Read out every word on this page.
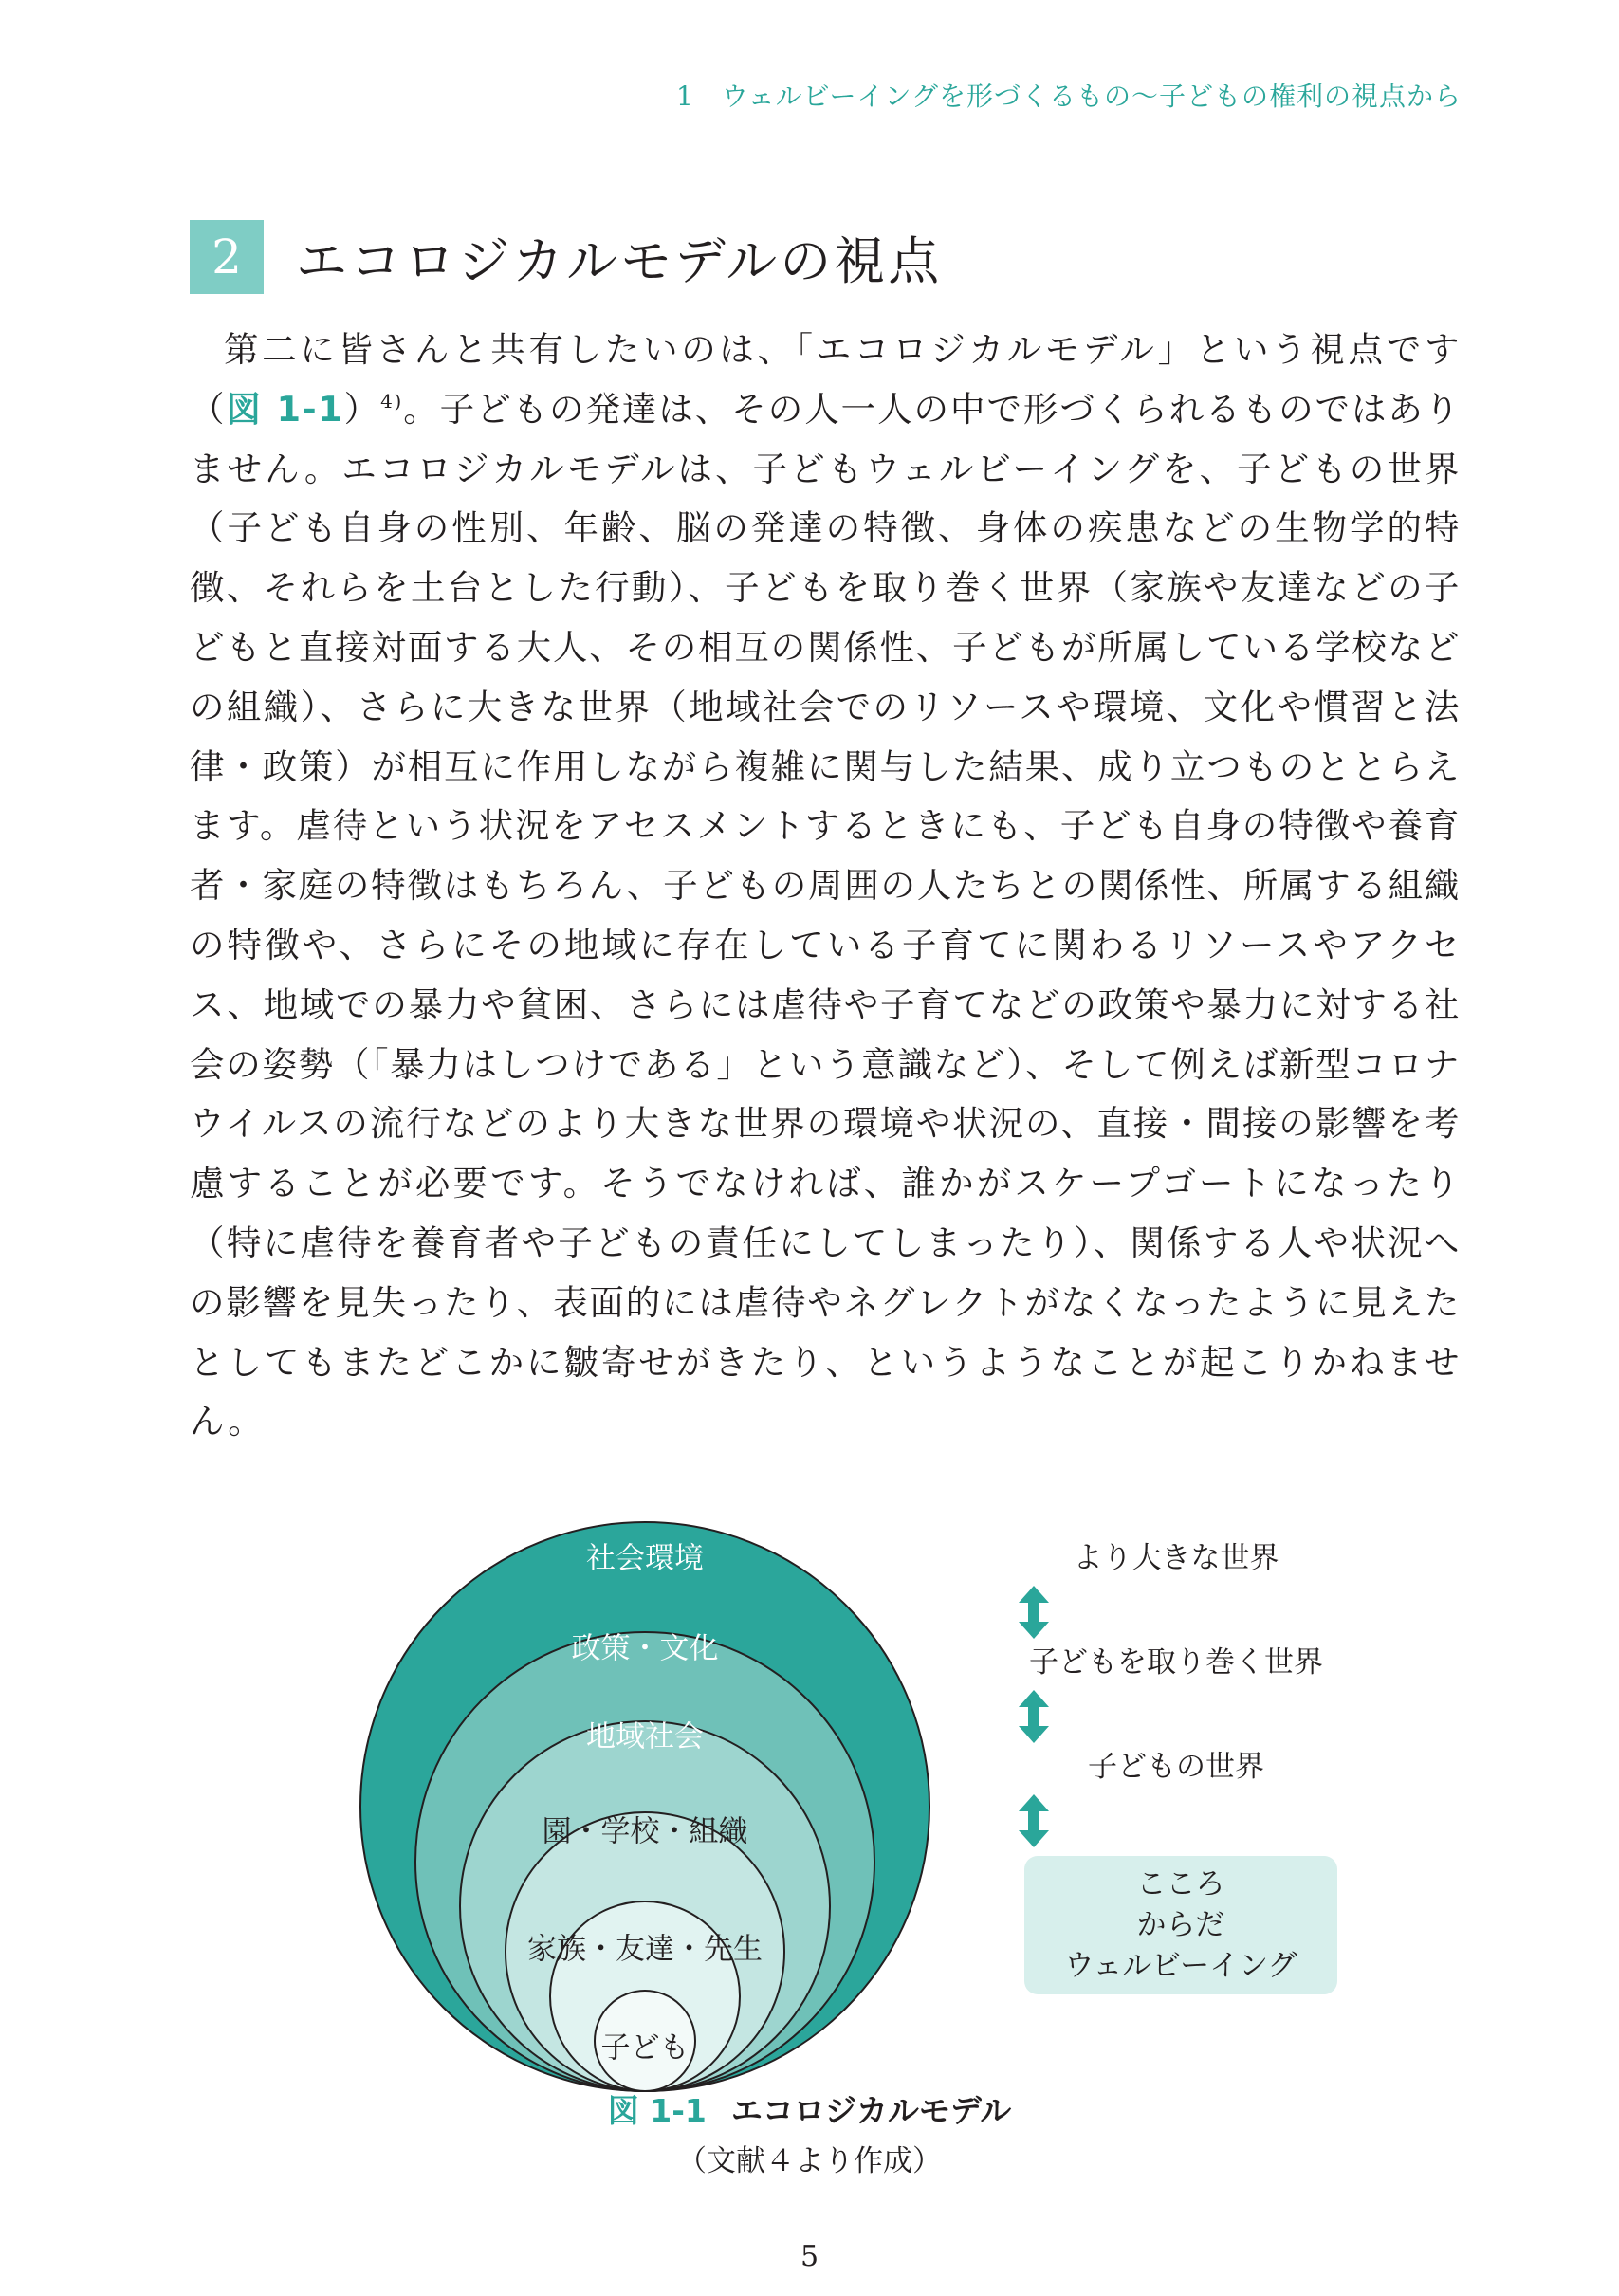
1　ウェルビーイングを形づくるもの〜子どもの権利の視点から
2	エコロジカルモデルの視点

第二に皆さんと共有したいのは、「エコロジカルモデル」という視点です（図 1-1）$^{4)}$。子どもの発達は、その人一人の中で形づくられるものではありません。エコロジカルモデルは、子どもウェルビーイングを、子どもの世界（子ども自身の性別、年齢、脳の発達の特徴、身体の疾患などの生物学的特徴、それらを土台とした行動）、子どもを取り巻く世界（家族や友達などの子どもと直接対面する大人、その相互の関係性、子どもが所属している学校などの組織）、さらに大きな世界（地域社会でのリソースや環境、文化や慣習と法律・政策）が相互に作用しながら複雑に関与した結果、成り立つものととらえます。虐待という状況をアセスメントするときにも、子ども自身の特徴や養育者・家庭の特徴はもちろん、子どもの周囲の人たちとの関係性、所属する組織の特徴や、さらにその地域に存在している子育てに関わるリソースやアクセス、地域での暴力や貧困、さらには虐待や子育てなどの政策や暴力に対する社会の姿勢（「暴力はしつけである」という意識など）、そして例えば新型コロナウイルスの流行などのより大きな世界の環境や状況の、直接・間接の影響を考慮することが必要です。そうでなければ、誰かがスケープゴートになったり（特に虐待を養育者や子どもの責任にしてしまったり）、関係する人や状況への影響を見失ったり、表面的には虐待やネグレクトがなくなったように見えたとしてもまたどこかに皺寄せがきたり、というようなことが起こりかねません。

社会環境
政策・文化
地域社会
園・学校・組織
家族・友達・先生
子ども
より大きな世界
子どもを取り巻く世界
子どもの世界
こころ
からだ
ウェルビーイング
図 1-1 エコロジカルモデル
（文献４より作成）
5
